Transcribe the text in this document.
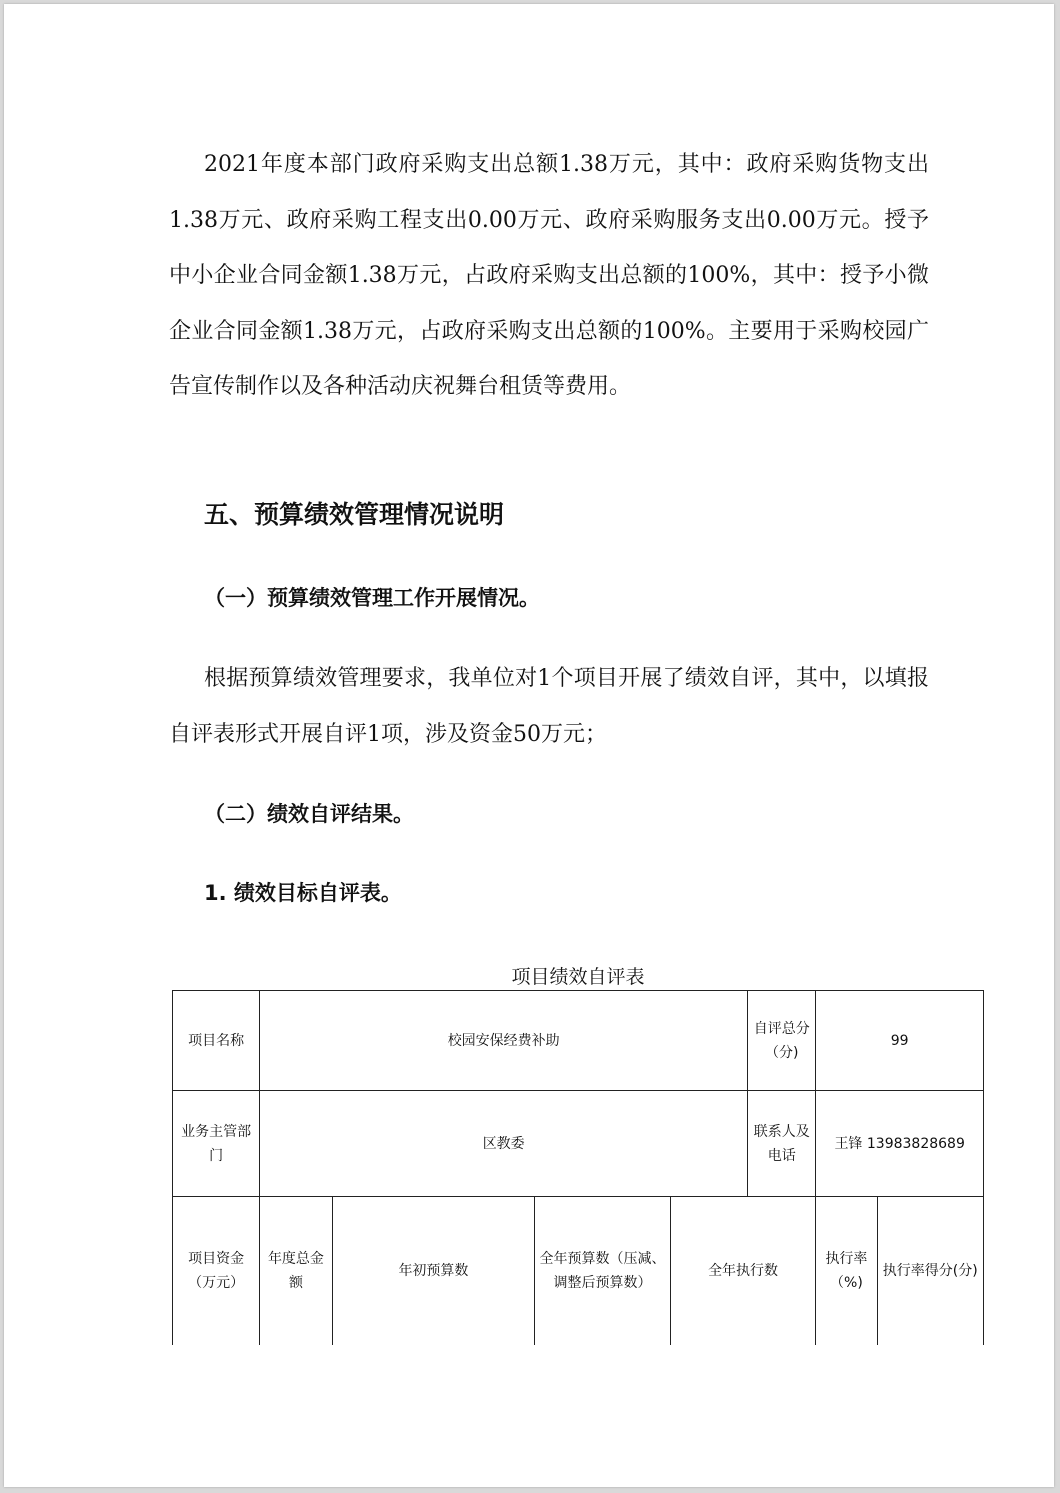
2021年度本部门政府采购支出总额1.38万元，其中：政府采购货物支出1.38万元、政府采购工程支出0.00万元、政府采购服务支出0.00万元。授予中小企业合同金额1.38万元，占政府采购支出总额的100%，其中：授予小微企业合同金额1.38万元，占政府采购支出总额的100%。主要用于采购校园广告宣传制作以及各种活动庆祝舞台租赁等费用。

五、预算绩效管理情况说明
（一）预算绩效管理工作开展情况。

根据预算绩效管理要求，我单位对1个项目开展了绩效自评，其中，以填报自评表形式开展自评1项，涉及资金50万元；

（二）绩效自评结果。
1. 绩效目标自评表。

项目绩效自评表

项目名称	校园安保经费补助				自评总分（分)	99	
业务主管部门	区教委				联系人及电话	王锋 13983828689	
项目资金（万元）	年度总金额	年初预算数	全年预算数（压减、调整后预算数）	全年执行数		执行率（%)	执行率得分(分)
